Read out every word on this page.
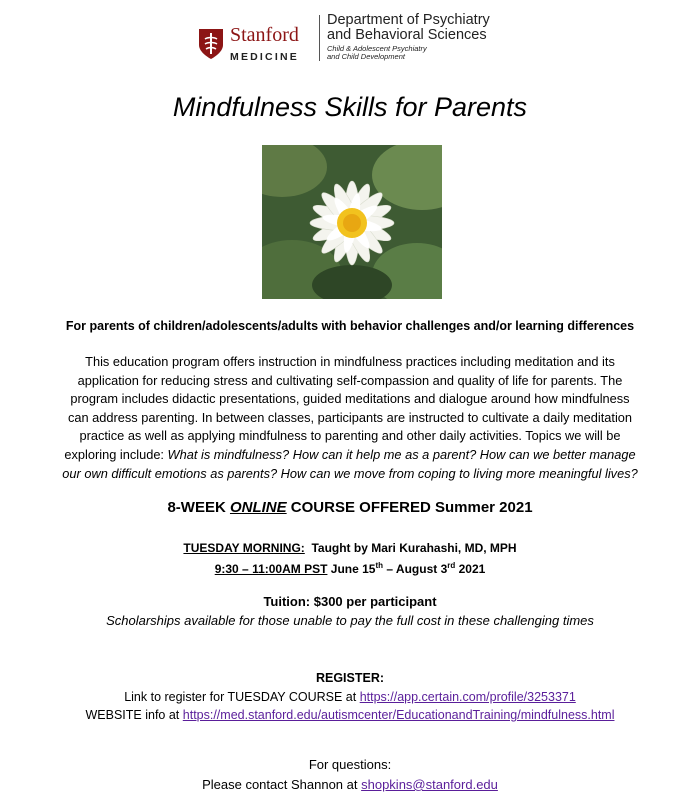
Stanford
MEDICINE
Department of Psychiatry
and Behavioral Sciences
Child & Adolescent Psychiatry
and Child Development
Mindfulness Skills for Parents
For parents of children/adolescents/adults with behavior challenges and/or learning differences
This education program offers instruction in mindfulness practices including meditation and its
application for reducing stress and cultivating self-compassion and quality of life for parents. The
program includes didactic presentations, guided meditations and dialogue around how mindfulness
can address parenting. In between classes, participants are instructed to cultivate a daily meditation
practice as well as applying mindfulness to parenting and other daily activities. Topics we will be
exploring include: What is mindfulness? How can it help me as a parent? How can we better manage
our own difficult emotions as parents? How can we move from coping to living more meaningful lives?
8-WEEK ONLINE COURSE OFFERED Summer 2021
TUESDAY MORNING:  Taught by Mari Kurahashi, MD, MPH
9:30 – 11:00AM PST June 15th – August 3rd 2021
Tuition: $300 per participant
Scholarships available for those unable to pay the full cost in these challenging times
REGISTER:
Link to register for TUESDAY COURSE at https://app.certain.com/profile/3253371
WEBSITE info at https://med.stanford.edu/autismcenter/EducationandTraining/mindfulness.html
For questions:
Please contact Shannon at shopkins@stanford.edu
